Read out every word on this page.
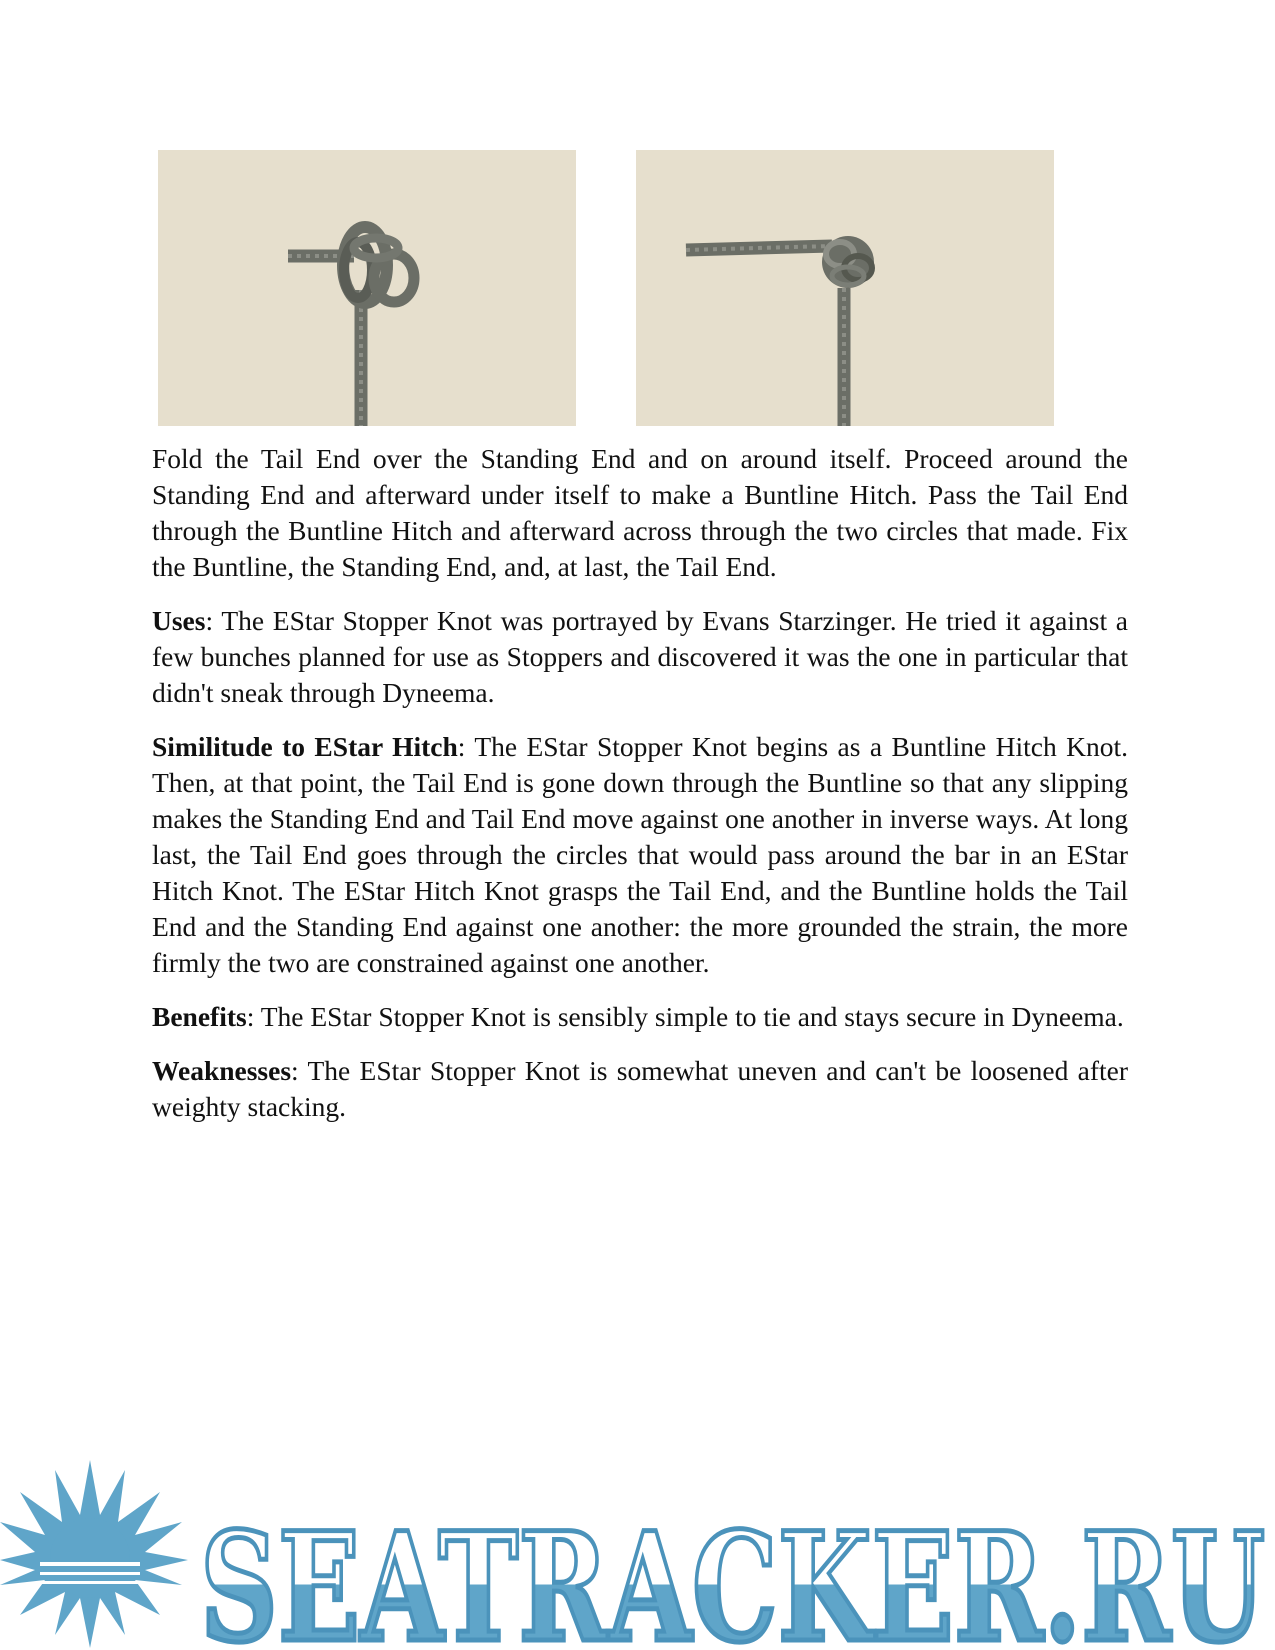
Fold the Tail End over the Standing End and on around itself. Proceed around the Standing End and afterward under itself to make a Buntline Hitch. Pass the Tail End through the Buntline Hitch and afterward across through the two circles that made. Fix the Buntline, the Standing End, and, at last, the Tail End.

Uses: The EStar Stopper Knot was portrayed by Evans Starzinger. He tried it against a few bunches planned for use as Stoppers and discovered it was the one in particular that didn't sneak through Dyneema.

Similitude to EStar Hitch: The EStar Stopper Knot begins as a Buntline Hitch Knot. Then, at that point, the Tail End is gone down through the Buntline so that any slipping makes the Standing End and Tail End move against one another in inverse ways. At long last, the Tail End goes through the circles that would pass around the bar in an EStar Hitch Knot. The EStar Hitch Knot grasps the Tail End, and the Buntline holds the Tail End and the Standing End against one another: the more grounded the strain, the more firmly the two are constrained against one another.

Benefits: The EStar Stopper Knot is sensibly simple to tie and stays secure in Dyneema.

Weaknesses: The EStar Stopper Knot is somewhat uneven and can't be loosened after weighty stacking.

SEATRACKER.RU
